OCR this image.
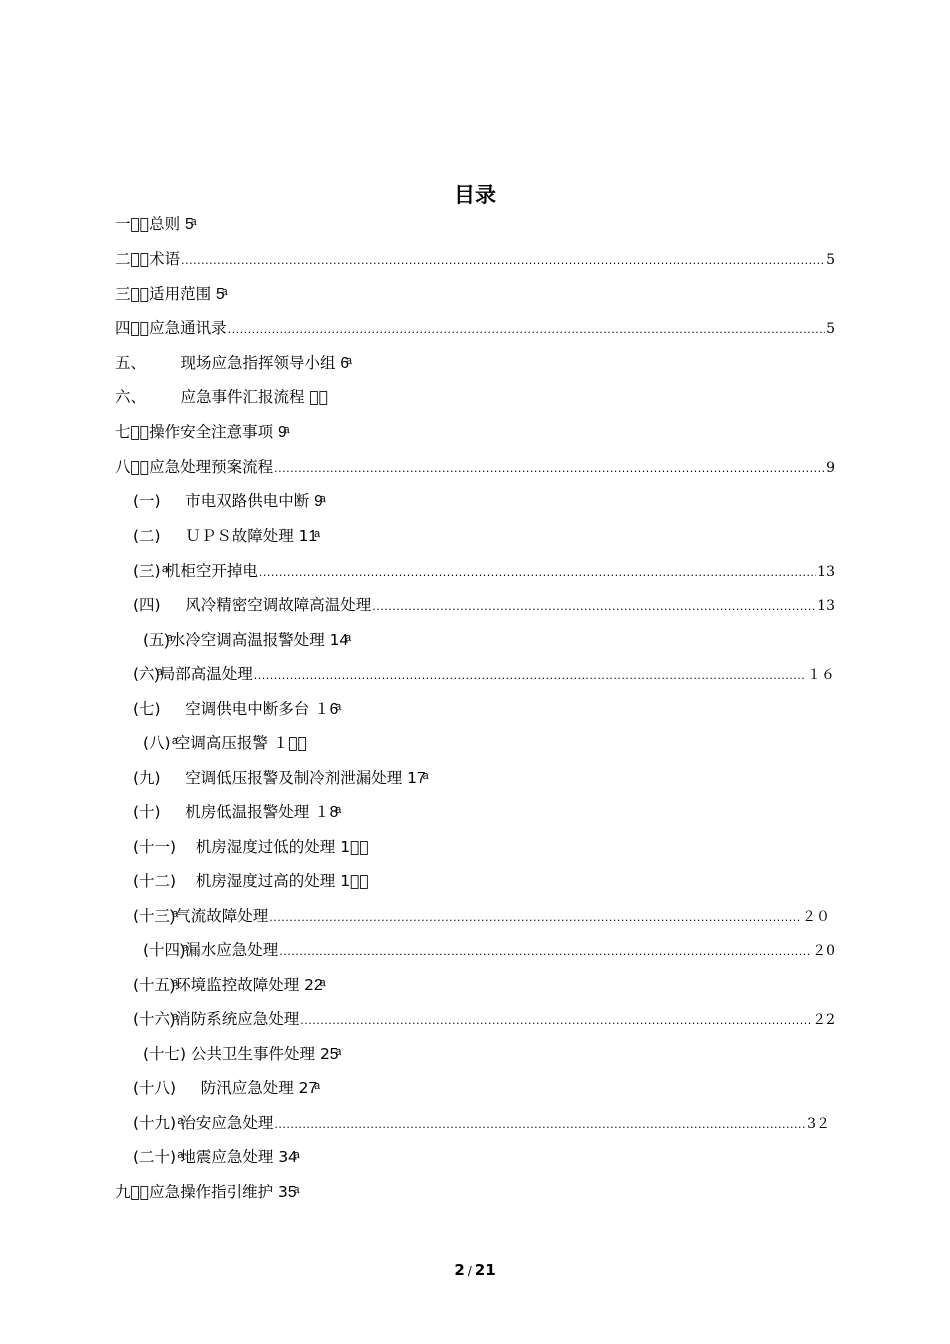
目录
一、ͣ总则 5ͣ
二、ͣ术语 .....	5
三、ͣ适用范围 5ͣ
四、ͣ应急通讯录 .....	5
五、       现场应急指挥领导小组 6ͣ
六、       应急事件汇报流程 ７ͣ
七、ͣ操作安全注意事项 9ͣ
八、ͣ应急处理预案流程 .....	9
(一)     市电双路供电中断 9ͣ
(二)     ＵＰＳ故障处理 11ͣ
(三) ͣ机柜空开掉电 .....	13
(四)     风冷精密空调故障高温处理 .....	13
(五)ͣ水冷空调高温报警处理 14ͣ
(六)ͣ局部高温处理 .....	１６
(七)     空调供电中断多台 １6ͣ
(八) ͣ空调高压报警 １７ͣ
(九)     空调低压报警及制冷剂泄漏处理 17ͣ
(十)     机房低温报警处理 １8ͣ
(十一)    机房湿度过低的处理 1９ͣ
(十二)    机房湿度过高的处理 1９ͣ
(十三)ͣ气流故障处理 .....	２０
(十四)ͣ漏水应急处理 .....	２0
(十五)ͣ环境监控故障处理 22ͣ
(十六)ͣ消防系统应急处理 .....	２2
(十七) 公共卫生事件处理 25ͣ
(十八)     防汛应急处理 27ͣ
(十九) ͣ治安应急处理 .....	3２
(二十) ͣ地震应急处理 34ͣ
九、ͣ应急操作指引维护 35ͣ
2 / 21
